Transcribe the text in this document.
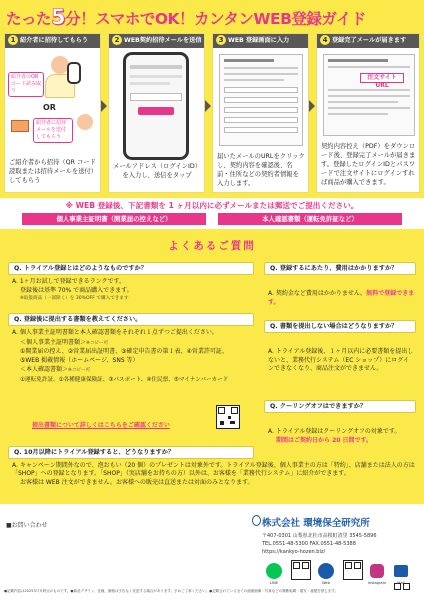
たった5分！スマホでOK！カンタンWEB登録ガイド
1 紹介者に招待してもらう
紹介者のQRコード読み取り
OR
紹介者に招待メールを送付してもらう
ご紹介者から招待（QR コード読取または招待メールを送付）してもらう
2 WEB契約招待メールを送信
メールアドレス（ログインID）を入力し、送信をタップ
3 WEB 登録画面に入力
届いたメールのURLをクリックし、契約内容を確認後、名前・住所などの契約者情報を入力します。
4 登録完了メールが届きます
注文サイト URL
契約内容控え（PDF）をダウンロード後、登録完了メールが届きます。登録したログインIDとパスワードで注文サイトにログインすれば商品が購入できます。
※ WEB 登録後、下記書類を 1 ヶ月以内に必ずメールまたは郵送でご提出ください。
個人事業主証明書（開業届の控えなど）	本人確認書類（運転免許証など）
よくあるご質問
Q. トライアル登録とはどのようなものですか？
A. 1ヶ月お試しで登録できるランクです。
登録後は基準 70% で商品購入できます。
※取扱商品（一部除く）を 30%OFF で購入できます
Q. 登録後に提出する書類を教えてください。
A. 個人事業主証明書類と本人確認書類をそれぞれ１点ずつご提出ください。
＜個人事業主証明書類＞※コピー可
①開業届の控え、②営業届出証明書、③確定申告書の第１表、④営業許可証、
⑤WEB 掲載情報（ホームページ、SNS 等）
＜本人確認書類＞※コピー可
①運転免許証、②各種健康保険証、③パスポート、④住民票、⑤マイナンバーカード
提出書類について詳しくはこちらをご確認ください
Q. 10月以降にトライアル登録すると、どうなりますか？
A. キャンペーン期間外なので、泡おもい（20 個）のプレゼントは対象外です。トライアル登録後、個人事業主の方は「特約」、店舗または法人の方は「SHOP」への登録となります。「SHOP」（実店舗をお持ちの方）以外は、お客様を「業務代行システム」に紹介ができます。
お客様は WEB 注文ができません。お客様への販売は直送または対面のみとなります。
Q. 登録するにあたり、費用はかかりますか？
A. 契約金など費用はかかりません。無料で登録できます。
Q. 書類を提出しない場合はどうなりますか？
A. トライアル登録後、１ヶ月以内に必要書類を提出しないと、業務代行システム（EC ショップ）にログインできなくなり、商品注文ができません。
Q. クーリングオフはできますか？
A. トライアル登録はクーリングオフの対象です。
期間はご契約日から 20 日間です。
■お問い合わせ	株式会社 環境保全研究所
〒407-0301 山梨県北杜市高根町清里 3545-5896
TEL.0551-48-5300 FAX.0551-48-5388
https://kankyo-hozen.biz/
LINE	Web	Instagram	Mail
●記載内容は2025年7月時点のものです。●商品デザイン、仕様、価格は予告なく変更する場合があります。予めご了承ください。●記載されている全ての画面画像・写真などの無断転載・複写・複製を禁じます。
